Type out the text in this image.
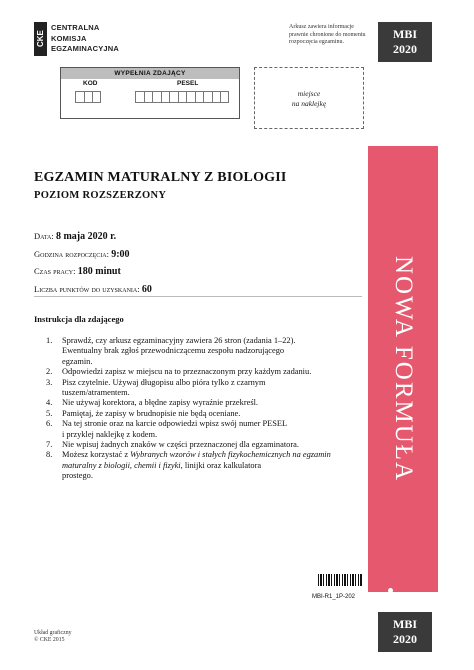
CKE
CENTRALNA
KOMISJA
EGZAMINACYJNA
Arkusz zawiera informacje prawnie chronione do momentu rozpoczęcia egzaminu.
MBI
2020
WYPEŁNIA ZDAJĄCY
KOD	PESEL
miejsce
na naklejkę
NOWA FORMUŁA
EGZAMIN MATURALNY Z BIOLOGII
POZIOM ROZSZERZONY
Data: 8 maja 2020 r.
Godzina rozpoczęcia: 9:00
Czas pracy: 180 minut
Liczba punktów do uzyskania: 60
Instrukcja dla zdającego
1. Sprawdź, czy arkusz egzaminacyjny zawiera 26 stron (zadania 1–22).
Ewentualny brak zgłoś przewodniczącemu zespołu nadzorującego
egzamin.
2. Odpowiedzi zapisz w miejscu na to przeznaczonym przy każdym zadaniu.
3. Pisz czytelnie. Używaj długopisu albo pióra tylko z czarnym
tuszem/atramentem.
4. Nie używaj korektora, a błędne zapisy wyraźnie przekreśl.
5. Pamiętaj, że zapisy w brudnopisie nie będą oceniane.
6. Na tej stronie oraz na karcie odpowiedzi wpisz swój numer PESEL
i przyklej naklejkę z kodem.
7. Nie wpisuj żadnych znaków w części przeznaczonej dla egzaminatora.
8. Możesz korzystać z Wybranych wzorów i stałych fizykochemicznych na egzamin maturalny z biologii, chemii i fizyki, linijki oraz kalkulatora
prostego.
MBI-R1_1P-202
MBI
2020
Układ graficzny
© CKE 2015
